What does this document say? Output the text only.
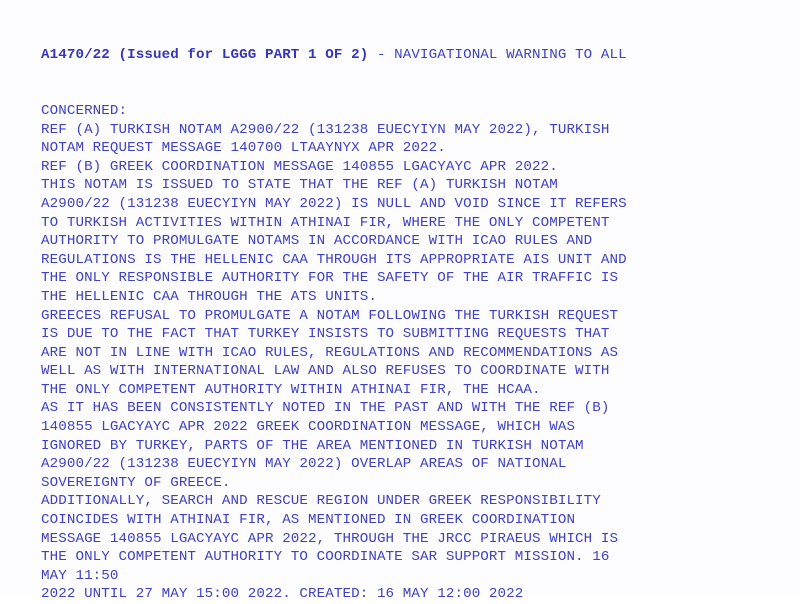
A1470/22 (Issued for LGGG PART 1 OF 2) - NAVIGATIONAL WARNING TO ALL

CONCERNED:
REF (A) TURKISH NOTAM A2900/22 (131238 EUECYIYN MAY 2022), TURKISH
NOTAM REQUEST MESSAGE 140700 LTAAYNYX APR 2022.
REF (B) GREEK COORDINATION MESSAGE 140855 LGACYAYC APR 2022.
THIS NOTAM IS ISSUED TO STATE THAT THE REF (A) TURKISH NOTAM
A2900/22 (131238 EUECYIYN MAY 2022) IS NULL AND VOID SINCE IT REFERS
TO TURKISH ACTIVITIES WITHIN ATHINAI FIR, WHERE THE ONLY COMPETENT
AUTHORITY TO PROMULGATE NOTAMS IN ACCORDANCE WITH ICAO RULES AND
REGULATIONS IS THE HELLENIC CAA THROUGH ITS APPROPRIATE AIS UNIT AND
THE ONLY RESPONSIBLE AUTHORITY FOR THE SAFETY OF THE AIR TRAFFIC IS
THE HELLENIC CAA THROUGH THE ATS UNITS.
GREECES REFUSAL TO PROMULGATE A NOTAM FOLLOWING THE TURKISH REQUEST
IS DUE TO THE FACT THAT TURKEY INSISTS TO SUBMITTING REQUESTS THAT
ARE NOT IN LINE WITH ICAO RULES, REGULATIONS AND RECOMMENDATIONS AS
WELL AS WITH INTERNATIONAL LAW AND ALSO REFUSES TO COORDINATE WITH
THE ONLY COMPETENT AUTHORITY WITHIN ATHINAI FIR, THE HCAA.
AS IT HAS BEEN CONSISTENTLY NOTED IN THE PAST AND WITH THE REF (B)
140855 LGACYAYC APR 2022 GREEK COORDINATION MESSAGE, WHICH WAS
IGNORED BY TURKEY, PARTS OF THE AREA MENTIONED IN TURKISH NOTAM
A2900/22 (131238 EUECYIYN MAY 2022) OVERLAP AREAS OF NATIONAL
SOVEREIGNTY OF GREECE.
ADDITIONALLY, SEARCH AND RESCUE REGION UNDER GREEK RESPONSIBILITY
COINCIDES WITH ATHINAI FIR, AS MENTIONED IN GREEK COORDINATION
MESSAGE 140855 LGACYAYC APR 2022, THROUGH THE JRCC PIRAEUS WHICH IS
THE ONLY COMPETENT AUTHORITY TO COORDINATE SAR SUPPORT MISSION. 16
MAY 11:50
2022 UNTIL 27 MAY 15:00 2022. CREATED: 16 MAY 12:00 2022
